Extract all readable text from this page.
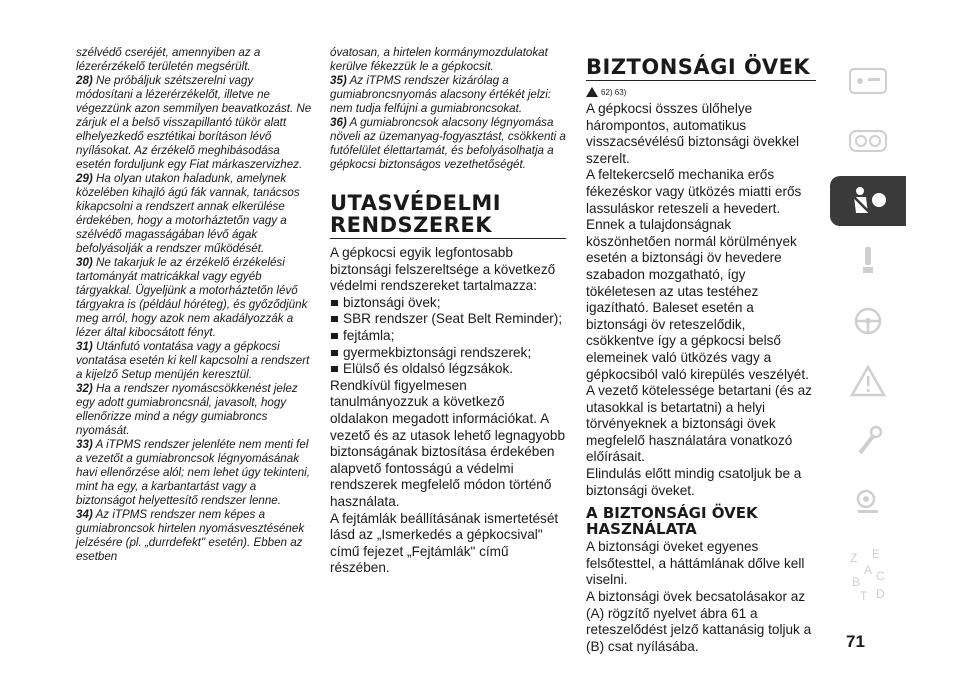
szélvédő cseréjét, amennyiben az a lézerérzékelő területén megsérült.

28) Ne próbáljuk szétszerelni vagy módosítani a lézerérzékelőt, illetve ne végezzünk azon semmilyen beavatkozást. Ne zárjuk el a belső visszapillantó tükör alatt elhelyezkedő esztétikai borításon lévő nyílásokat. Az érzékelő meghibásodása esetén forduljunk egy Fiat márkaszervizhez.

29) Ha olyan utakon haladunk, amelynek közelében kihajló ágú fák vannak, tanácsos kikapcsolni a rendszert annak elkerülése érdekében, hogy a motorháztetőn vagy a szélvédő magasságában lévő ágak befolyásolják a rendszer működését.

30) Ne takarjuk le az érzékelő érzékelési tartományát matricákkal vagy egyéb tárgyakkal. Ügyeljünk a motorháztetőn lévő tárgyakra is (például hóréteg), és győződjünk meg arról, hogy azok nem akadályozzák a lézer által kibocsátott fényt.

31) Utánfutó vontatása vagy a gépkocsi vontatása esetén ki kell kapcsolni a rendszert a kijelző Setup menüjén keresztül.

32) Ha a rendszer nyomáscsökkenést jelez egy adott gumiabroncsnál, javasolt, hogy ellenőrizze mind a négy gumiabroncs nyomását.

33) A iTPMS rendszer jelenléte nem menti fel a vezetőt a gumiabroncsok légnyomásának havi ellenőrzése alól; nem lehet úgy tekinteni, mint ha egy, a karbantartást vagy a biztonságot helyettesítő rendszer lenne.

34) Az iTPMS rendszer nem képes a gumiabroncsok hirtelen nyomásvesztésének jelzésére (pl. „durrdefekt" esetén). Ebben az esetben

óvatosan, a hirtelen kormánymozdulatokat kerülve fékezzük le a gépkocsit.

35) Az iTPMS rendszer kizárólag a gumiabroncsnyomás alacsony értékét jelzi: nem tudja felfújni a gumiabroncsokat.

36) A gumiabroncsok alacsony légnyomása növeli az üzemanyag-fogyasztást, csökkenti a futófelület élettartamát, és befolyásolhatja a gépkocsi biztonságos vezethetőségét.

UTASVÉDELMI
RENDSZEREK

A gépkocsi egyik legfontosabb biztonsági felszereltsége a következő védelmi rendszereket tartalmazza:

biztonsági övek;
SBR rendszer (Seat Belt Reminder);
fejtámla;
gyermekbiztonsági rendszerek;
Elülső és oldalsó légzsákok.

Rendkívül figyelmesen tanulmányozzuk a következő oldalakon megadott információkat. A vezető és az utasok lehető legnagyobb biztonságának biztosítása érdekében alapvető fontosságú a védelmi rendszerek megfelelő módon történő használata.

A fejtámlák beállításának ismertetését lásd az „Ismerkedés a gépkocsival" című fejezet „Fejtámlák" című részében.

BIZTONSÁGI ÖVEK
62) 63)

A gépkocsi összes ülőhelye hárompontos, automatikus visszacsévélésű biztonsági övekkel szerelt.

A feltekercselő mechanika erős fékezéskor vagy ütközés miatti erős lassuláskor reteszeli a hevedert. Ennek a tulajdonságnak köszönhetően normál körülmények esetén a biztonsági öv hevedere szabadon mozgatható, így tökéletesen az utas testéhez igazítható. Baleset esetén a biztonsági öv reteszelődik, csökkentve így a gépkocsi belső elemeinek való ütközés vagy a gépkocsiból való kirepülés veszélyét.

A vezető kötelessége betartani (és az utasokkal is betartatni) a helyi törvényeknek a biztonsági övek megfelelő használatára vonatkozó előírásait.

Elindulás előtt mindig csatoljuk be a biztonsági öveket.

A BIZTONSÁGI ÖVEK
HASZNÁLATA

A biztonsági öveket egyenes felsőtesttel, a háttámlának dőlve kell viselni.

A biztonsági övek becsatolásakor az (A) rögzítő nyelvet ábra 61 a reteszelődést jelző kattanásig toljuk a (B) csat nyílásába.

Z E
A
B C
T D
71
